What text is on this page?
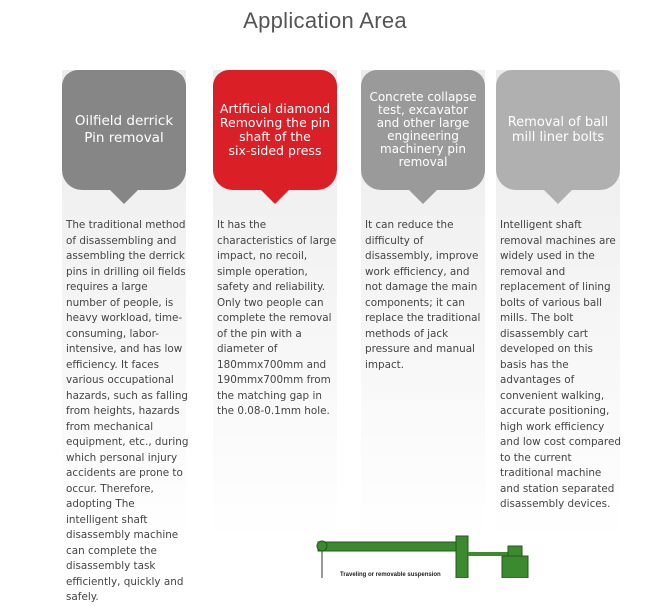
Application Area
Oilfield derrick
Pin removal
The traditional method of disassembling and assembling the derrick pins in drilling oil fields requires a large number of people, is heavy workload, time-consuming, labor-intensive, and has low efficiency. It faces various occupational hazards, such as falling from heights, hazards from mechanical equipment, etc., during which personal injury accidents are prone to occur. Therefore, adopting The intelligent shaft disassembly machine can complete the disassembly task efficiently, quickly and safely.
Artificial diamond
Removing the pin
shaft of the
six-sided press
It has the characteristics of large impact, no recoil, simple operation, safety and reliability. Only two people can complete the removal of the pin with a diameter of 180mmx700mm and 190mmx700mm from the matching gap in the 0.08-0.1mm hole.
Concrete collapse
test, excavator
and other large
engineering
machinery pin
removal
It can reduce the difficulty of disassembly, improve work efficiency, and not damage the main components; it can replace the traditional methods of jack pressure and manual impact.
Removal of ball
mill liner bolts
Intelligent shaft removal machines are widely used in the removal and replacement of lining bolts of various ball mills. The bolt disassembly cart developed on this basis has the advantages of convenient walking, accurate positioning, high work efficiency and low cost compared to the current traditional machine and station separated disassembly devices.
Traveling or removable suspension
